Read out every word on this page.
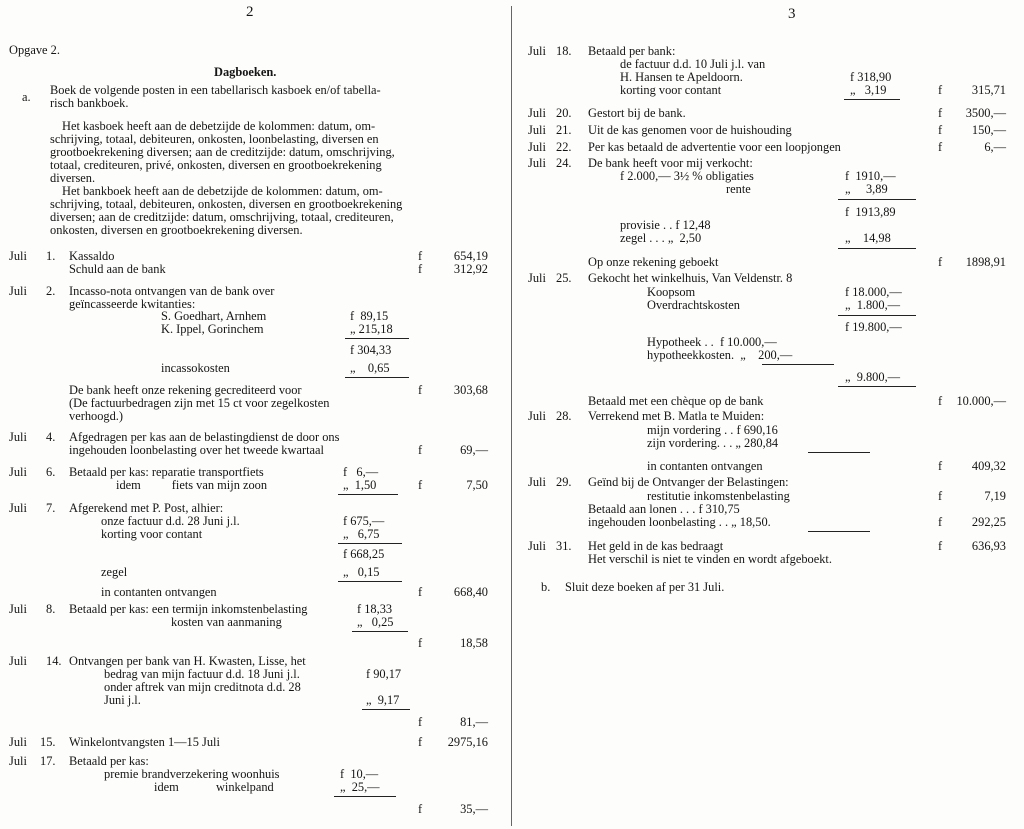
2	3
Opgave 2.
Dagboeken.
a. Boek de volgende posten in een tabellarisch kasboek en/of tabella-
risch bankboek.
Het kasboek heeft aan de debetzijde de kolommen: datum, om-
schrijving, totaal, debiteuren, onkosten, loonbelasting, diversen en
grootboekrekening diversen; aan de creditzijde: datum, omschrijving,
totaal, crediteuren, privé, onkosten, diversen en grootboekrekening
diversen.
Het bankboek heeft aan de debetzijde de kolommen: datum, om-
schrijving, totaal, debiteuren, onkosten, diversen en grootboekrekening
diversen; aan de creditzijde: datum, omschrijving, totaal, crediteuren,
onkosten, diversen en grootboekrekening diversen.
Juli 1. Kassaldo	f	654,19
Schuld aan de bank	f	312,92
Juli 2. Incasso-nota ontvangen van de bank over
geïncasseerde kwitanties:
S. Goedhart, Arnhem	f  89,15
K. Ippel, Gorinchem	„ 215,18
f 304,33
incassokosten	„    0,65
De bank heeft onze rekening gecrediteerd voor	f	303,68
(De factuurbedragen zijn met 15 ct voor zegelkosten
verhoogd.)
Juli 4. Afgedragen per kas aan de belastingdienst de door ons
ingehouden loonbelasting over het tweede kwartaal	f	69,—
Juli 6. Betaald per kas: reparatie transportfiets	f   6,—
idem          fiets van mijn zoon	„  1,50	f	7,50
Juli 7. Afgerekend met P. Post, alhier:
onze factuur d.d. 28 Juni j.l.	f 675,—
korting voor contant	„   6,75
f 668,25
zegel	„   0,15
in contanten ontvangen	f	668,40
Juli 8. Betaald per kas: een termijn inkomstenbelasting	f 18,33
kosten van aanmaning	„   0,25
f	18,58
Juli 14. Ontvangen per bank van H. Kwasten, Lisse, het
bedrag van mijn factuur d.d. 18 Juni j.l.	f 90,17
onder aftrek van mijn creditnota d.d. 28
Juni j.l.	„  9,17
f	81,—
Juli 15. Winkelontvangsten 1—15 Juli	f	2975,16
Juli 17. Betaald per kas:
premie brandverzekering woonhuis	f  10,—
idem            winkelpand	„  25,—
f	35,—
Juli 18. Betaald per bank:
de factuur d.d. 10 Juli j.l. van
H. Hansen te Apeldoorn.	f 318,90
korting voor contant	„   3,19	f	315,71
Juli 20. Gestort bij de bank.	f	3500,—
Juli 21. Uit de kas genomen voor de huishouding	f	150,—
Juli 22. Per kas betaald de advertentie voor een loopjongen	f	6,—
Juli 24. De bank heeft voor mij verkocht:
f 2.000,— 3½ % obligaties	f  1910,—
rente	„     3,89
f  1913,89
provisie . . f 12,48
zegel . . . „  2,50	„    14,98
Op onze rekening geboekt	f	1898,91
Juli 25. Gekocht het winkelhuis, Van Veldenstr. 8
Koopsom	f 18.000,—
Overdrachtskosten	„  1.800,—
f 19.800,—
Hypotheek . .  f 10.000,—
hypotheekkosten.  „    200,—
„  9.800,—
Betaald met een chèque op de bank	f	10.000,—
Juli 28. Verrekend met B. Matla te Muiden:
mijn vordering . . f 690,16
zijn vordering. . . „ 280,84
in contanten ontvangen	f	409,32
Juli 29. Geïnd bij de Ontvanger der Belastingen:
restitutie inkomstenbelasting	f	7,19
Betaald aan lonen . . . f 310,75
ingehouden loonbelasting . . „ 18,50.	f	292,25
Juli 31. Het geld in de kas bedraagt	f	636,93
Het verschil is niet te vinden en wordt afgeboekt.
b. Sluit deze boeken af per 31 Juli.
